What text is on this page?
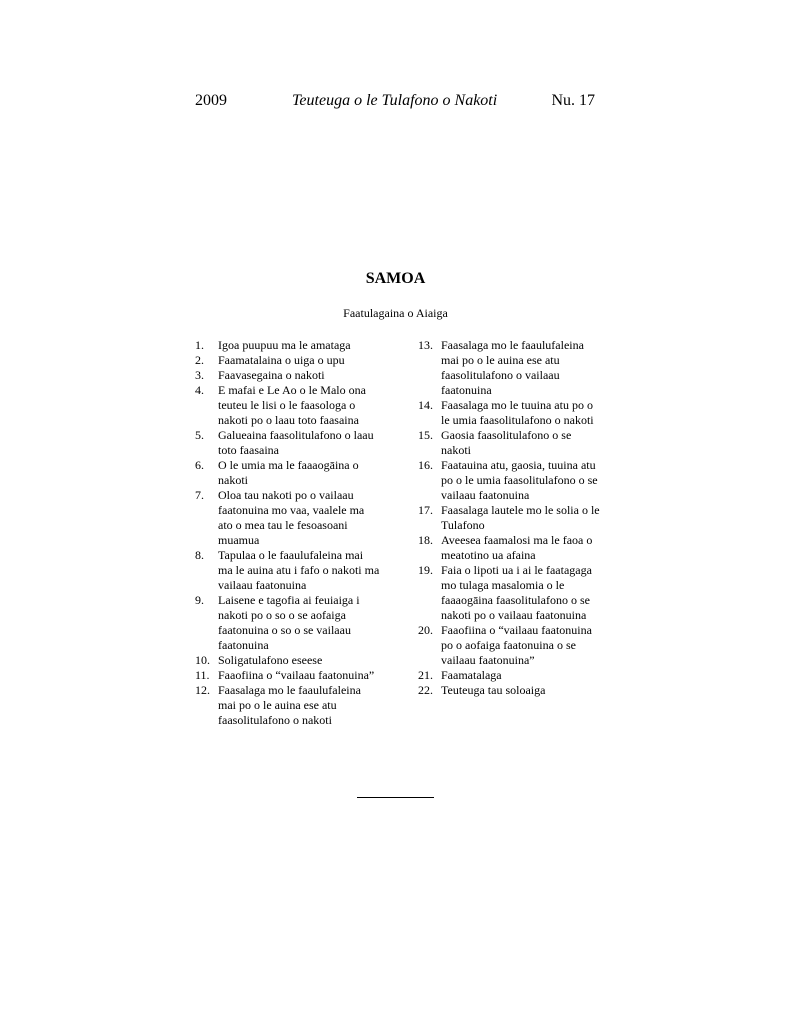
2009	Teuteuga o le Tulafono o Nakoti	Nu. 17
SAMOA
Faatulagaina o Aiaiga
1.	Igoa puupuu ma le amataga
2.	Faamatalaina o uiga o upu
3.	Faavasegaina o nakoti
4.	E mafai e Le Ao o le Malo ona teuteu le lisi o le faasologa o nakoti po o laau toto faasaina
5.	Galueaina faasolitulafono o laau toto faasaina
6.	O le umia ma le faaaogāina o nakoti
7.	Oloa tau nakoti po o vailaau faatonuina mo vaa, vaalele ma ato o mea tau le fesoasoani muamua
8.	Tapulaa o le faaulufaleina mai ma le auina atu i fafo o nakoti ma vailaau faatonuina
9.	Laisene e tagofia ai feuiaiga i nakoti po o so o se aofaiga faatonuina o so o se vailaau faatonuina
10. Soligatulafono eseese
11. Faaofiina o “vailaau faatonuina”
12. Faasalaga mo le faaulufaleina mai po o le auina ese atu faasolitulafono o nakoti
13. Faasalaga mo le faaulufaleina mai po o le auina ese atu faasolitulafono o vailaau faatonuina
14. Faasalaga mo le tuuina atu po o le umia faasolitulafono o nakoti
15. Gaosia faasolitulafono o se nakoti
16. Faatauina atu, gaosia, tuuina atu po o le umia faasolitulafono o se vailaau faatonuina
17. Faasalaga lautele mo le solia o le Tulafono
18. Aveesea faamalosi ma le faoa o meatotino ua afaina
19. Faia o lipoti ua i ai le faatagaga mo tulaga masalomia o le faaaogāina faasolitulafono o se nakoti po o vailaau faatonuina
20. Faaofiina o “vailaau faatonuina po o aofaiga faatonuina o se vailaau faatonuina”
21. Faamatalaga
22. Teuteuga tau soloaiga
